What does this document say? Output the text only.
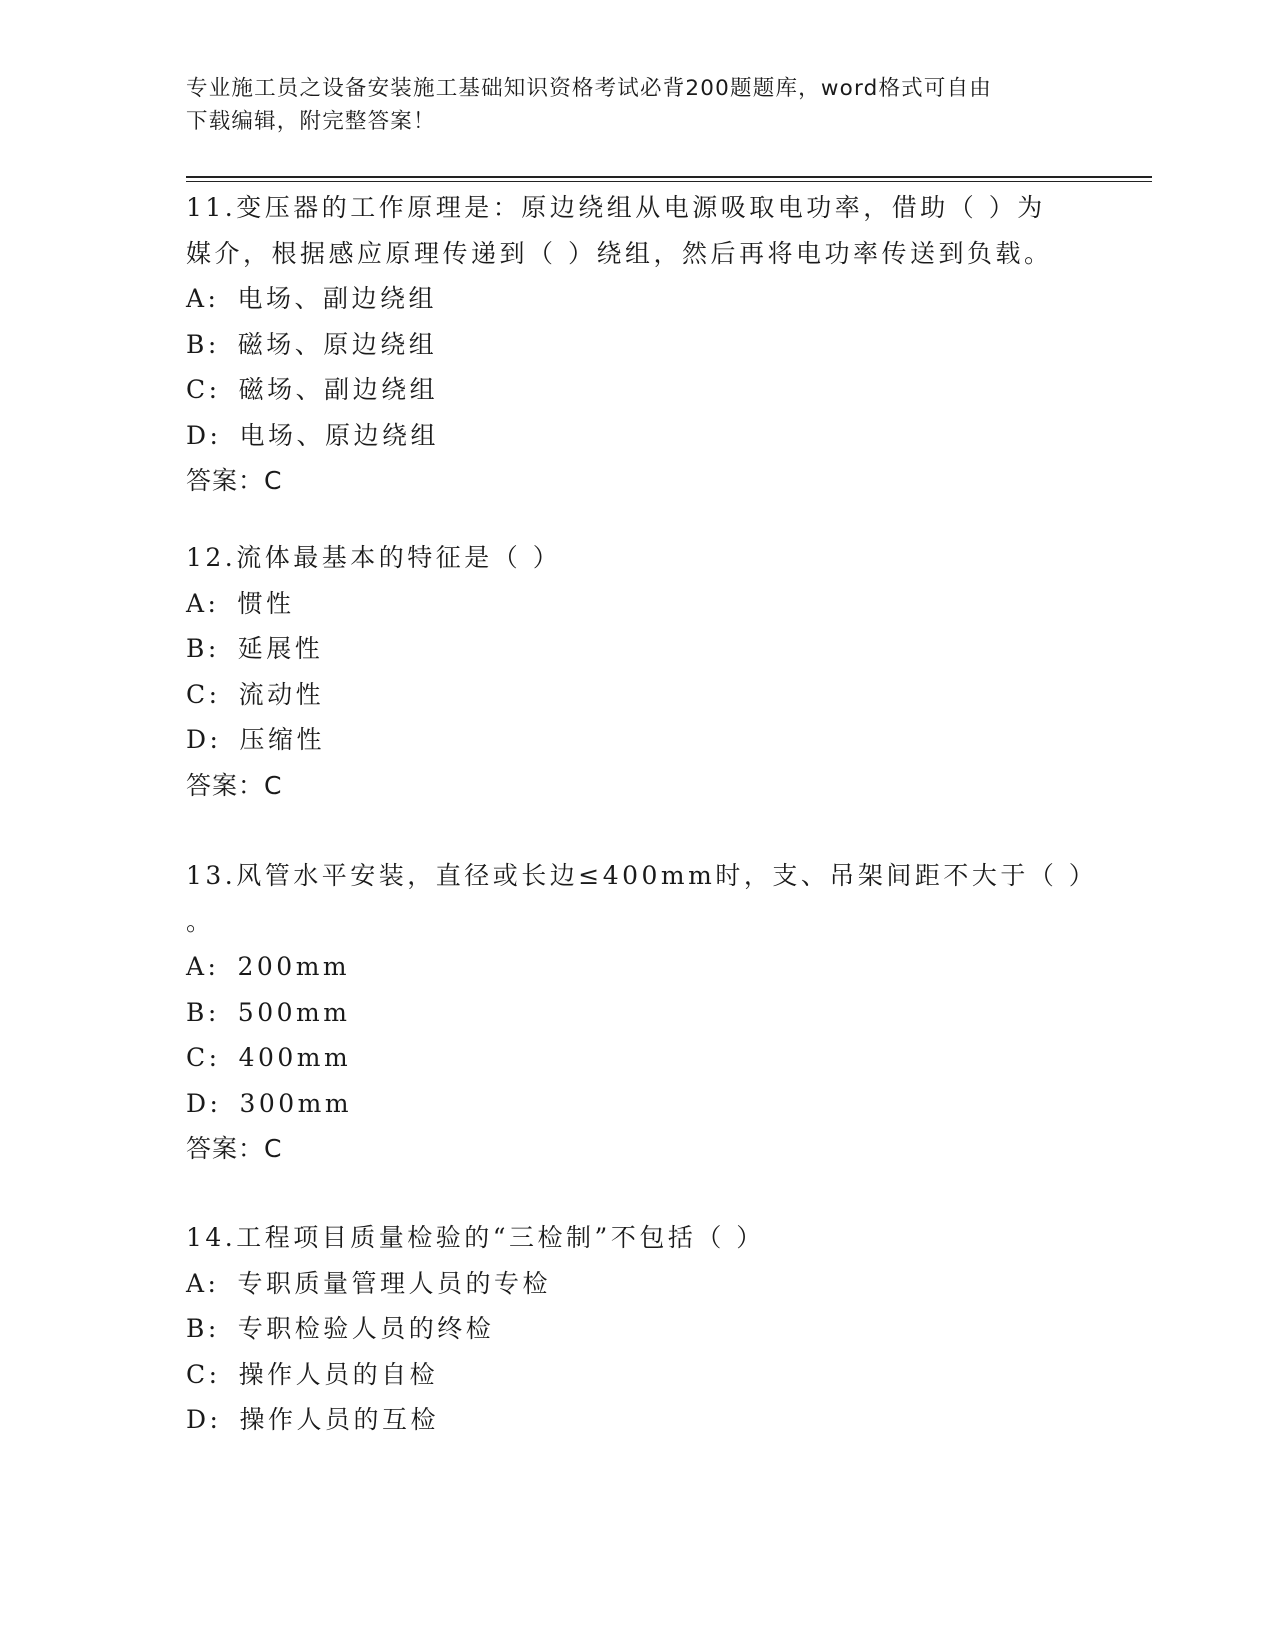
专业施工员之设备安装施工基础知识资格考试必背200题题库，word格式可自由
下载编辑，附完整答案！
11.变压器的工作原理是：原边绕组从电源吸取电功率，借助（ ）为
媒介，根据感应原理传递到（ ）绕组，然后再将电功率传送到负载。
A: 电场、副边绕组
B: 磁场、原边绕组
C: 磁场、副边绕组
D: 电场、原边绕组
答案：C
12.流体最基本的特征是（ ）
A: 惯性
B: 延展性
C: 流动性
D: 压缩性
答案：C
13.风管水平安装，直径或长边≤400mm时，支、吊架间距不大于（ ）
。
A: 200mm
B: 500mm
C: 400mm
D: 300mm
答案：C
14.工程项目质量检验的“三检制”不包括（ ）
A: 专职质量管理人员的专检
B: 专职检验人员的终检
C: 操作人员的自检
D: 操作人员的互检
